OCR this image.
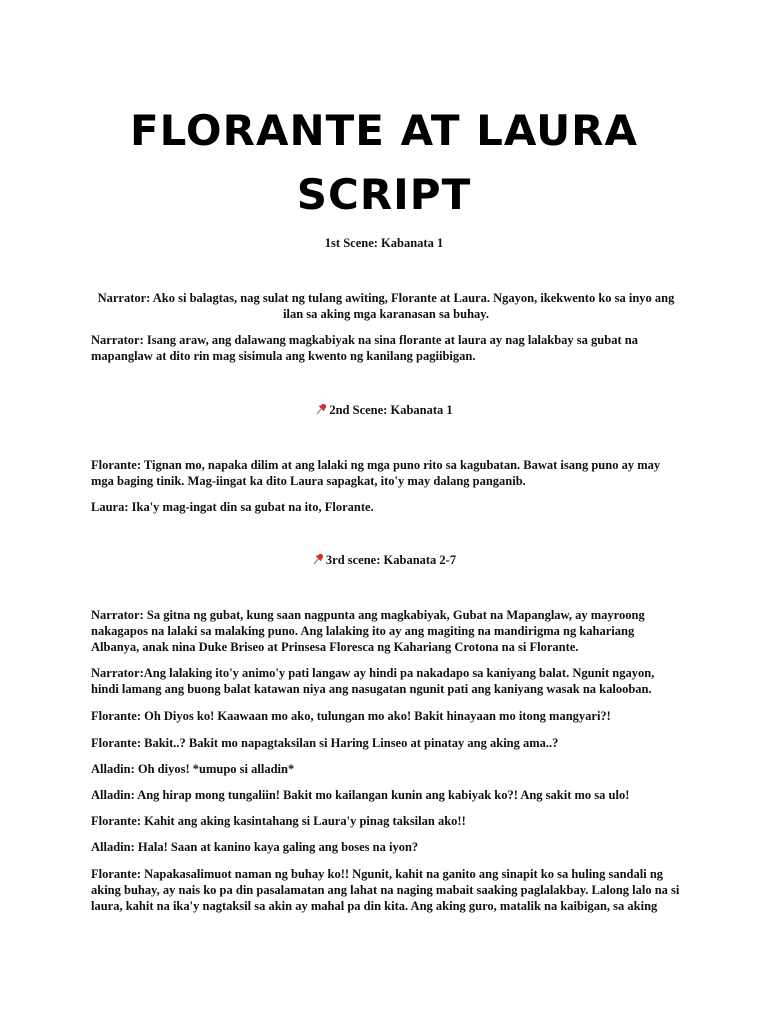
FLORANTE AT LAURA
SCRIPT
1st Scene: Kabanata 1
Narrator: Ako si balagtas, nag sulat ng tulang awiting, Florante at Laura. Ngayon, ikekwento ko sa inyo ang ilan sa aking mga karanasan sa buhay.
Narrator: Isang araw, ang dalawang magkabiyak na sina florante at laura ay nag lalakbay sa gubat na mapanglaw at dito rin mag sisimula ang kwento ng kanilang pagiibigan.
2nd Scene: Kabanata 1
Florante: Tignan mo, napaka dilim at ang lalaki ng mga puno rito sa kagubatan. Bawat isang puno ay may mga baging tinik. Mag-iingat ka dito Laura sapagkat, ito'y may dalang panganib.
Laura: Ika'y mag-ingat din sa gubat na ito, Florante.
3rd scene: Kabanata 2-7
Narrator: Sa gitna ng gubat, kung saan nagpunta ang magkabiyak, Gubat na Mapanglaw, ay mayroong nakagapos na lalaki sa malaking puno. Ang lalaking ito ay ang magiting na mandirigma ng kahariang Albanya, anak nina Duke Briseo at Prinsesa Floresca ng Kahariang Crotona na si Florante.
Narrator:Ang lalaking ito'y animo'y pati langaw ay hindi pa nakadapo sa kaniyang balat. Ngunit ngayon, hindi lamang ang buong balat katawan niya ang nasugatan ngunit pati ang kaniyang wasak na kalooban.
Florante: Oh Diyos ko! Kaawaan mo ako, tulungan mo ako! Bakit hinayaan mo itong mangyari?!
Florante: Bakit..? Bakit mo napagtaksilan si Haring Linseo at pinatay ang aking ama..?
Alladin: Oh diyos! *umupo si alladin*
Alladin: Ang hirap mong tungaliin! Bakit mo kailangan kunin ang kabiyak ko?! Ang sakit mo sa ulo!
Florante: Kahit ang aking kasintahang si Laura'y pinag taksilan ako!!
Alladin: Hala! Saan at kanino kaya galing ang boses na iyon?
Florante: Napakasalimuot naman ng buhay ko!! Ngunit, kahit na ganito ang sinapit ko sa huling sandali ng aking buhay, ay nais ko pa din pasalamatan ang lahat na naging mabait saaking paglalakbay. Lalong lalo na si laura, kahit na ika'y nagtaksil sa akin ay mahal pa din kita. Ang aking guro, matalik na kaibigan, sa aking
